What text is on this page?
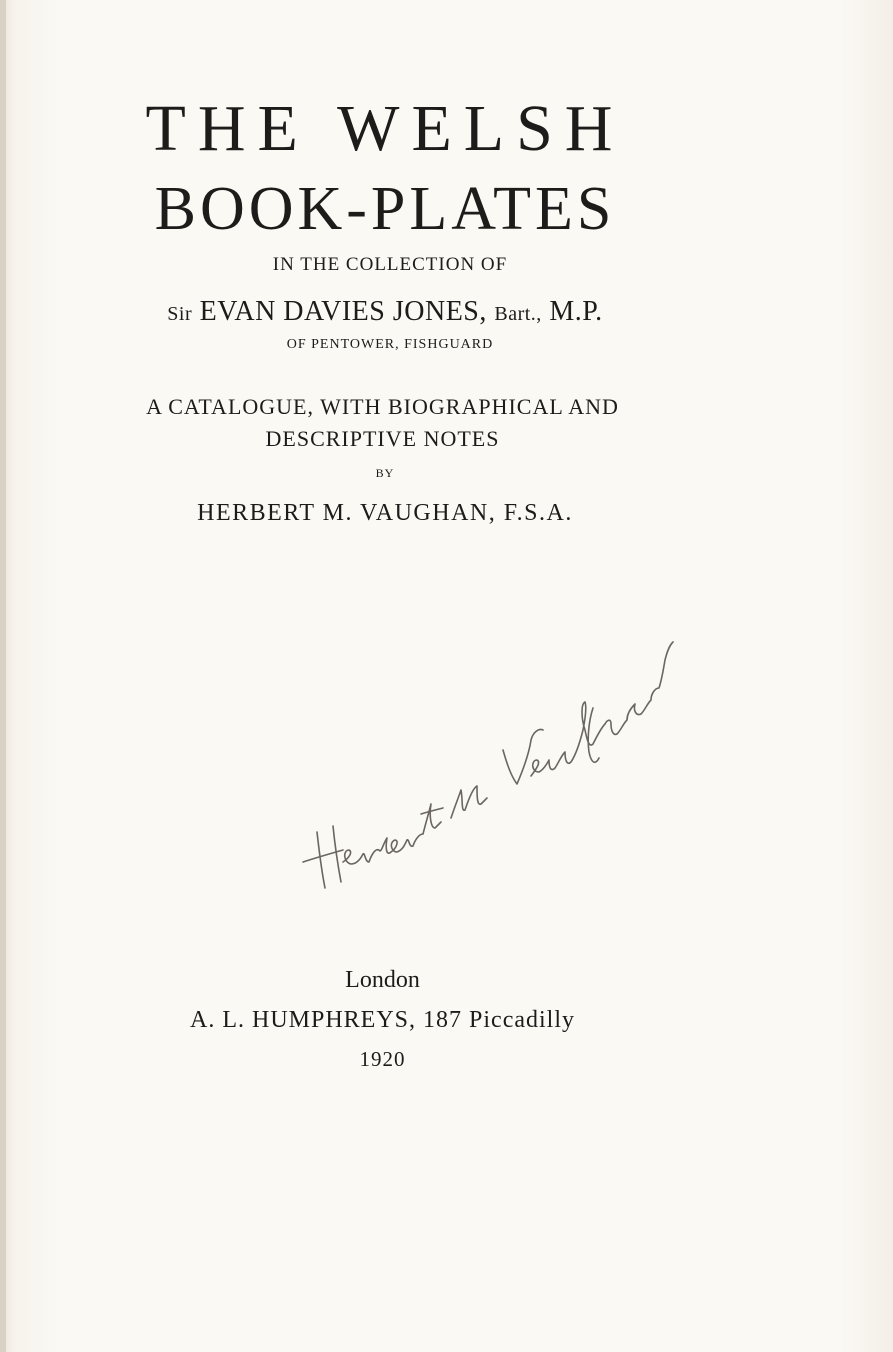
THE WELSH
BOOK-PLATES
IN THE COLLECTION OF
Sir EVAN DAVIES JONES, Bart., M.P.
OF PENTOWER, FISHGUARD
A CATALOGUE, WITH BIOGRAPHICAL AND DESCRIPTIVE NOTES
BY
HERBERT M. VAUGHAN, F.S.A.
London
A. L. HUMPHREYS, 187 Piccadilly
1920
